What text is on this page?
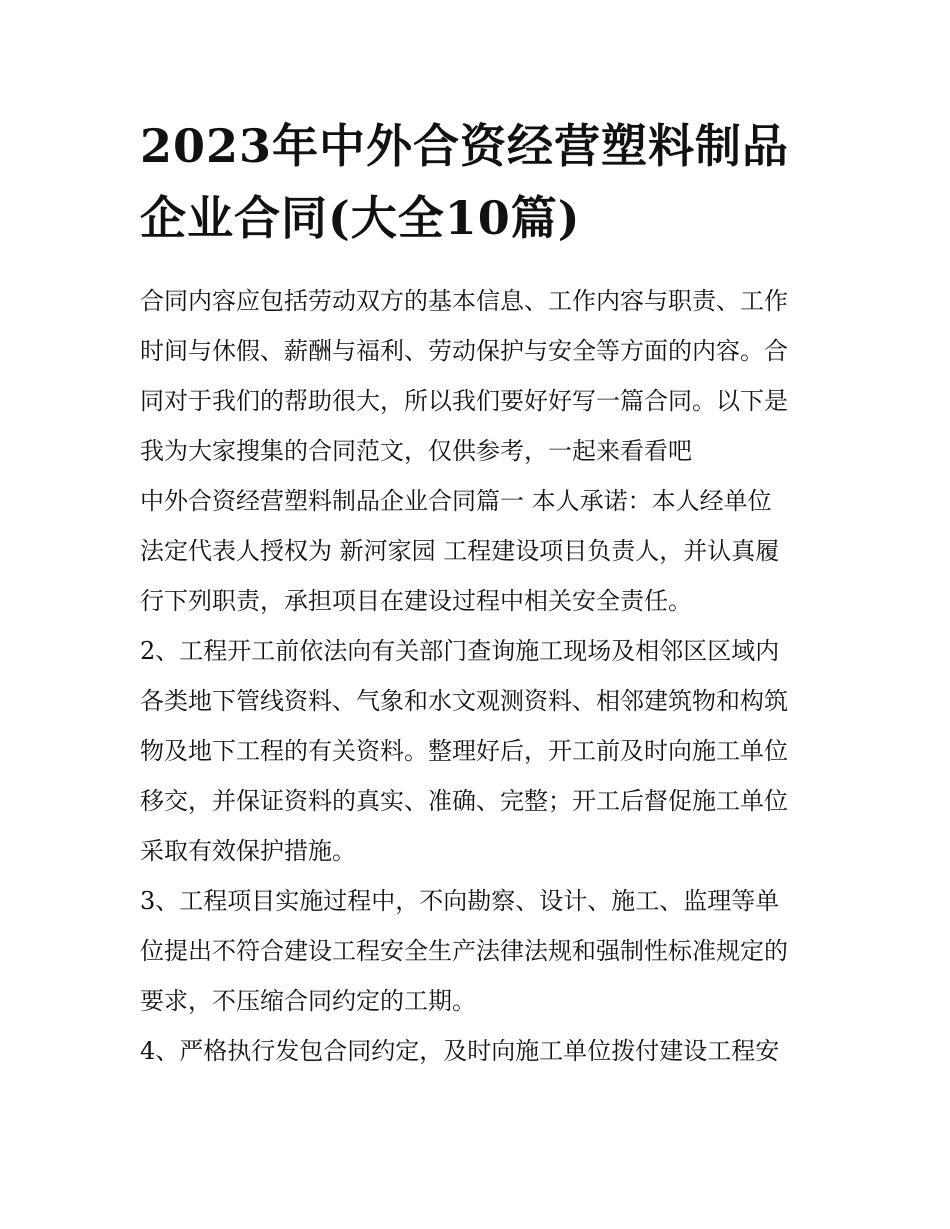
2023年中外合资经营塑料制品
企业合同(大全10篇)
合同内容应包括劳动双方的基本信息、工作内容与职责、工作
时间与休假、薪酬与福利、劳动保护与安全等方面的内容。合
同对于我们的帮助很大，所以我们要好好写一篇合同。以下是
我为大家搜集的合同范文，仅供参考，一起来看看吧
中外合资经营塑料制品企业合同篇一 本人承诺：本人经单位
法定代表人授权为 新河家园 工程建设项目负责人，并认真履
行下列职责，承担项目在建设过程中相关安全责任。
2、工程开工前依法向有关部门查询施工现场及相邻区区域内
各类地下管线资料、气象和水文观测资料、相邻建筑物和构筑
物及地下工程的有关资料。整理好后，开工前及时向施工单位
移交，并保证资料的真实、准确、完整；开工后督促施工单位
采取有效保护措施。
3、工程项目实施过程中，不向勘察、设计、施工、监理等单
位提出不符合建设工程安全生产法律法规和强制性标准规定的
要求，不压缩合同约定的工期。
4、严格执行发包合同约定，及时向施工单位拨付建设工程安
